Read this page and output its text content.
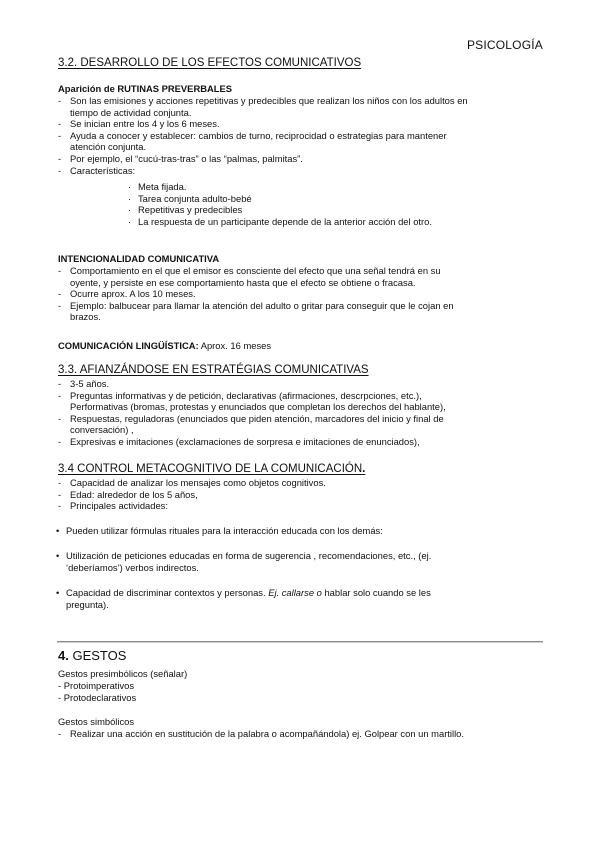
PSICOLOGÍA
3.2. DESARROLLO DE LOS EFECTOS COMUNICATIVOS
Aparición de RUTINAS PREVERBALES
- Son las emisiones y acciones repetitivas y predecibles que realizan los niños con los adultos en
tiempo de actividad conjunta.
- Se inician entre los 4 y los 6 meses.
- Ayuda a conocer y establecer: cambios de turno, reciprocidad o estrategias para mantener
atención conjunta.
- Por ejemplo, el “cucú-tras-tras” o las “palmas, palmitas”.
- Características:
· Meta fijada.
· Tarea conjunta adulto-bebé
· Repetitivas y predecibles
· La respuesta de un participante depende de la anterior acción del otro.
INTENCIONALIDAD COMUNICATIVA
- Comportamiento en el que el emisor es consciente del efecto que una señal tendrá en su
oyente, y persiste en ese comportamiento hasta que el efecto se obtiene o fracasa.
- Ocurre aprox. A los 10 meses.
- Ejemplo: balbucear para llamar la atención del adulto o gritar para conseguir que le cojan en
brazos.
COMUNICACIÓN LINGÜÍSTICA: Aprox. 16 meses
3.3. AFIANZÁNDOSE EN ESTRATÉGIAS COMUNICATIVAS
- 3-5 años.
- Preguntas informativas y de petición, declarativas (afirmaciones, descrpciones, etc.),
Performativas (bromas, protestas y enunciados que completan los derechos del hablante),
- Respuestas, reguladoras (enunciados que piden atención, marcadores del inicio y final de
conversación) ,
- Expresivas e imitaciones (exclamaciones de sorpresa e imitaciones de enunciados),
3.4 CONTROL METACOGNITIVO DE LA COMUNICACIÓN.
- Capacidad de analizar los mensajes como objetos cognitivos.
- Edad: alrededor de los 5 años,
- Principales actividades:
• Pueden utilizar fórmulas rituales para la interacción educada con los demás:
• Utilización de peticiones educadas en forma de sugerencia , recomendaciones, etc., (ej.
‘deberíamos’) verbos indirectos.
• Capacidad de discriminar contextos y personas. Ej. callarse o hablar solo cuando se les
pregunta).
4. GESTOS
Gestos presimbólicos (señalar)
- Protoimperativos
- Protodeclarativos
Gestos simbólicos
- Realizar una acción en sustitución de la palabra o acompañándola) ej. Golpear con un martillo.
